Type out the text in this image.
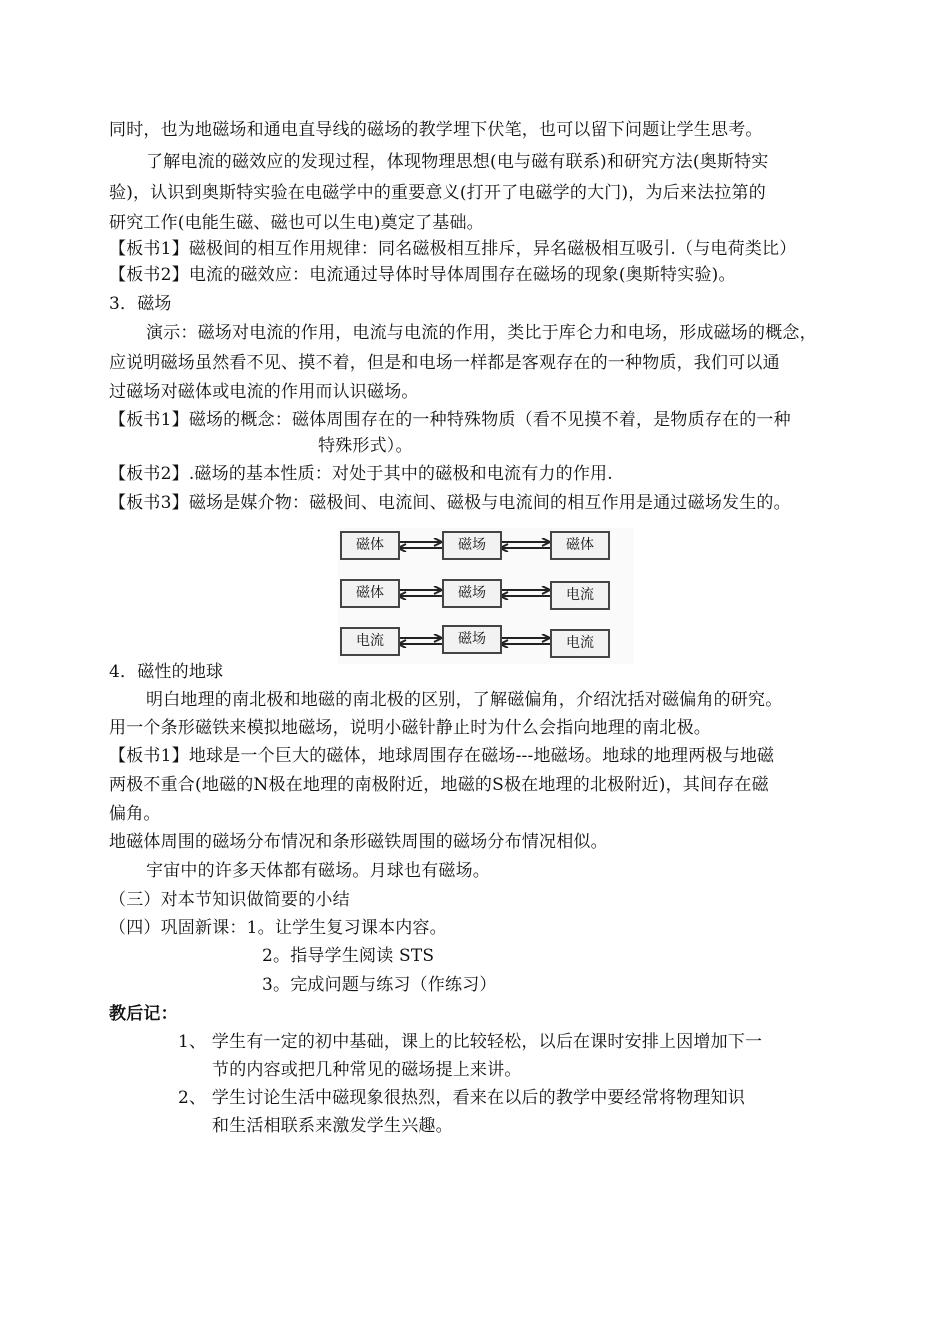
同时，也为地磁场和通电直导线的磁场的教学埋下伏笔，也可以留下问题让学生思考。
了解电流的磁效应的发现过程，体现物理思想(电与磁有联系)和研究方法(奥斯特实
验)，认识到奥斯特实验在电磁学中的重要意义(打开了电磁学的大门)，为后来法拉第的
研究工作(电能生磁、磁也可以生电)奠定了基础。
【板书1】磁极间的相互作用规律：同名磁极相互排斥，异名磁极相互吸引.（与电荷类比）
【板书2】电流的磁效应：电流通过导体时导体周围存在磁场的现象(奥斯特实验)。
3．磁场
演示：磁场对电流的作用，电流与电流的作用，类比于库仑力和电场，形成磁场的概念，
应说明磁场虽然看不见、摸不着，但是和电场一样都是客观存在的一种物质，我们可以通
过磁场对磁体或电流的作用而认识磁场。
【板书1】磁场的概念：磁体周围存在的一种特殊物质（看不见摸不着，是物质存在的一种
特殊形式）。
【板书2】.磁场的基本性质：对处于其中的磁极和电流有力的作用.
【板书3】磁场是媒介物：磁极间、电流间、磁极与电流间的相互作用是通过磁场发生的。
磁体	磁场	磁体
磁体	磁场	电流
电流	磁场	电流
4．磁性的地球
明白地理的南北极和地磁的南北极的区别，了解磁偏角，介绍沈括对磁偏角的研究。
用一个条形磁铁来模拟地磁场，说明小磁针静止时为什么会指向地理的南北极。
【板书1】地球是一个巨大的磁体，地球周围存在磁场---地磁场。地球的地理两极与地磁
两极不重合(地磁的N极在地理的南极附近，地磁的S极在地理的北极附近)，其间存在磁
偏角。
地磁体周围的磁场分布情况和条形磁铁周围的磁场分布情况相似。
宇宙中的许多天体都有磁场。月球也有磁场。
（三）对本节知识做简要的小结
（四）巩固新课：1。让学生复习课本内容。
2。指导学生阅读 STS
3。完成问题与练习（作练习）
教后记：
1、 学生有一定的初中基础，课上的比较轻松，以后在课时安排上因增加下一
节的内容或把几种常见的磁场提上来讲。
2、 学生讨论生活中磁现象很热烈，看来在以后的教学中要经常将物理知识
和生活相联系来激发学生兴趣。
